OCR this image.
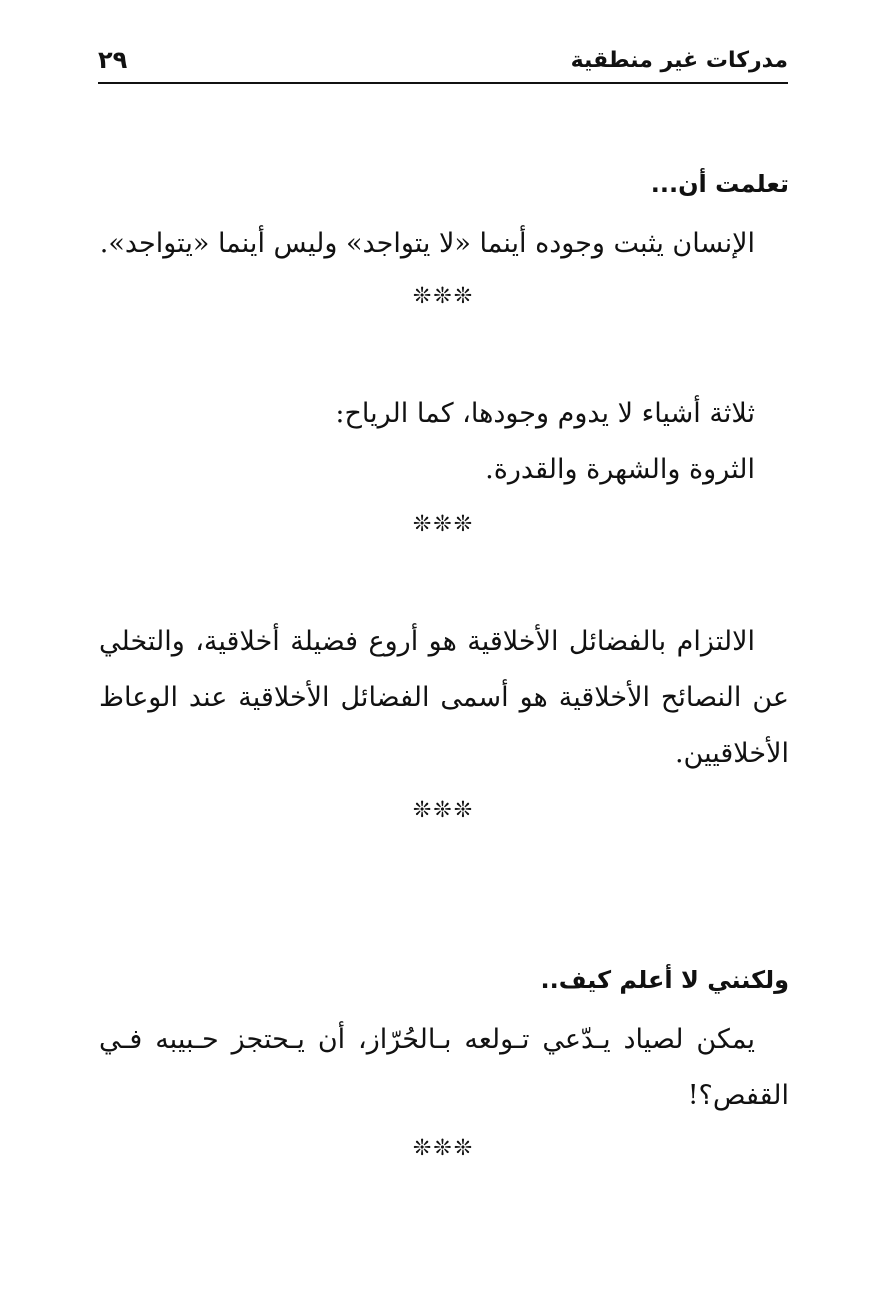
٢٩	مدركات غير منطقية
تعلمت أن...
الإنسان يثبت وجوده أينما «لا يتواجد» وليس أينما «يتواجد».
❊❊❊
ثلاثة أشياء لا يدوم وجودها، كما الرياح:
الثروة والشهرة والقدرة.
❊❊❊
الالتزام بالفضائل الأخلاقية هو أروع فضيلة أخلاقية، والتخلي عن النصائح الأخلاقية هو أسمى الفضائل الأخلاقية عند الوعاظ الأخلاقيين.
❊❊❊
ولكنني لا أعلم كيف..
يمكن لصياد يـدّعي تـولعه بـالحُرّاز، أن يـحتجز حـبيبه فـي القفص؟!
❊❊❊
